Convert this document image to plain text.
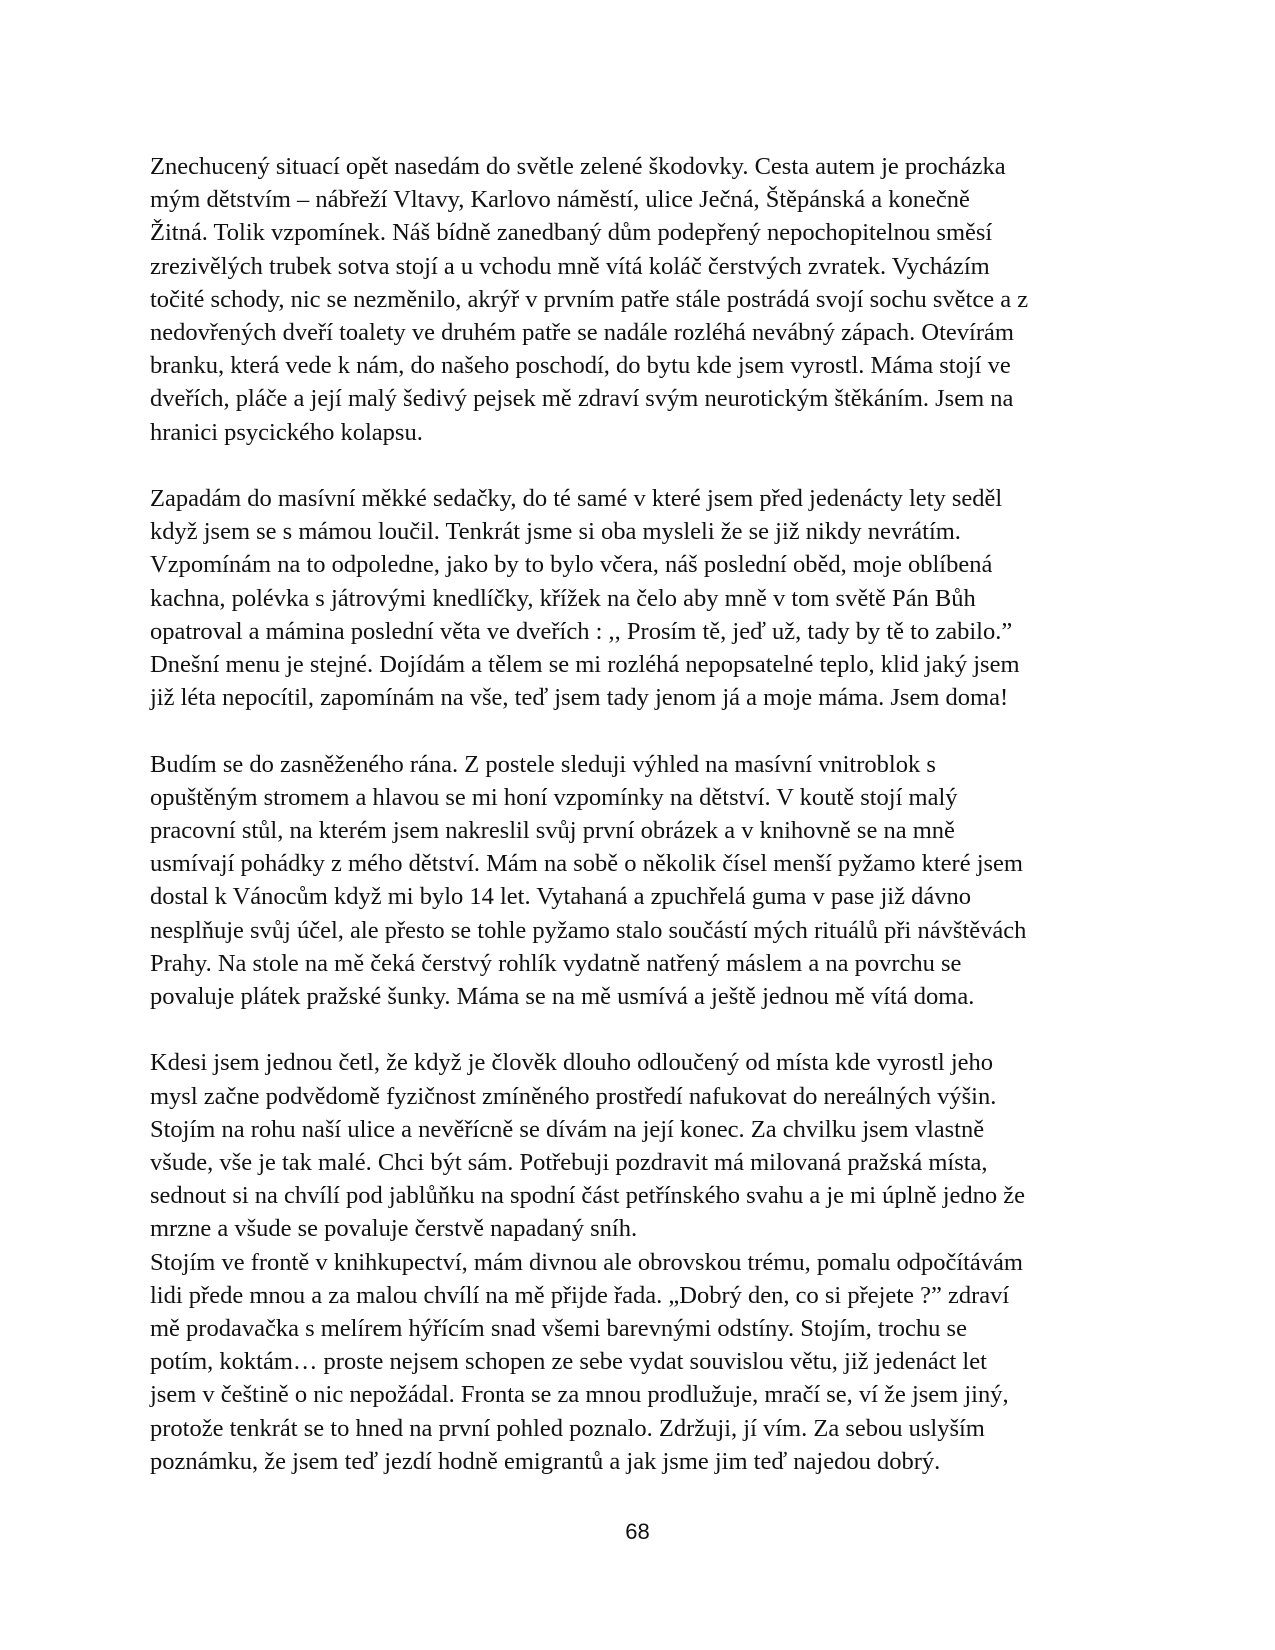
Znechucený situací opět nasedám do světle zelené škodovky. Cesta autem je procházka
mým dětstvím – nábřeží Vltavy, Karlovo náměstí, ulice Ječná, Štěpánská a konečně
Žitná. Tolik vzpomínek. Náš bídně zanedbaný dům podepřený nepochopitelnou směsí
zrezivělých trubek sotva stojí a u vchodu mně vítá koláč čerstvých zvratek. Vycházím
točité schody, nic se nezměnilo, akrýř v prvním patře stále postrádá svojí sochu světce a z
nedovřených dveří toalety ve druhém patře se nadále rozléhá nevábný zápach. Otevírám
branku, která vede k nám, do našeho poschodí, do bytu kde jsem vyrostl. Máma stojí ve
dveřích, pláče a její malý šedivý pejsek mě zdraví svým neurotickým štěkáním. Jsem na
hranici psycického kolapsu.

Zapadám do masívní měkké sedačky, do té samé v které jsem před jedenácty lety seděl
když jsem se s mámou loučil. Tenkrát jsme si oba mysleli že se již nikdy nevrátím.
Vzpomínám na to odpoledne, jako by to bylo včera, náš poslední oběd, moje oblíbená
kachna, polévka s játrovými knedlíčky, křížek na čelo aby mně v tom světě Pán Bůh
opatroval a mámina poslední věta ve dveřích : ,, Prosím tě, jeď už, tady by tě to zabilo.”
Dnešní menu je stejné. Dojídám a tělem se mi rozléhá nepopsatelné teplo, klid jaký jsem
již léta nepocítil, zapomínám na vše, teď jsem tady jenom já a moje máma. Jsem doma!

Budím se do zasněženého rána. Z postele sleduji výhled na masívní vnitroblok s
opuštěným stromem a hlavou se mi honí vzpomínky na dětství. V koutě stojí malý
pracovní stůl, na kterém jsem nakreslil svůj první obrázek a v knihovně se na mně
usmívají pohádky z mého dětství. Mám na sobě o několik čísel menší pyžamo které jsem
dostal k Vánocům když mi bylo 14 let. Vytahaná a zpuchřelá guma v pase již dávno
nesplňuje svůj účel, ale přesto se tohle pyžamo stalo součástí mých rituálů při návštěvách
Prahy. Na stole na mě čeká čerstvý rohlík vydatně natřený máslem a na povrchu se
povaluje plátek pražské šunky. Máma se na mě usmívá a ještě jednou mě vítá doma.

Kdesi jsem jednou četl, že když je člověk dlouho odloučený od místa kde vyrostl jeho
mysl začne podvědomě fyzičnost zmíněného prostředí nafukovat do nereálných výšin.
Stojím na rohu naší ulice a nevěřícně se dívám na její konec. Za chvilku jsem vlastně
všude, vše je tak malé. Chci být sám. Potřebuji pozdravit má milovaná pražská místa,
sednout si na chvílí pod jablůňku na spodní část petřínského svahu a je mi úplně jedno že
mrzne a všude se povaluje čerstvě napadaný sníh.

Stojím ve frontě v knihkupectví, mám divnou ale obrovskou trému, pomalu odpočítávám
lidi přede mnou a za malou chvílí na mě přijde řada. „Dobrý den, co si přejete ?” zdraví
mě prodavačka s melírem hýřícím snad všemi barevnými odstíny. Stojím, trochu se
potím, koktám… proste nejsem schopen ze sebe vydat souvislou větu, již jedenáct let
jsem v češtině o nic nepožádal. Fronta se za mnou prodlužuje, mračí se, ví že jsem jiný,
protože tenkrát se to hned na první pohled poznalo. Zdržuji, jí vím. Za sebou uslyším
poznámku, že jsem teď jezdí hodně emigrantů a jak jsme jim teď najedou dobrý.

68
